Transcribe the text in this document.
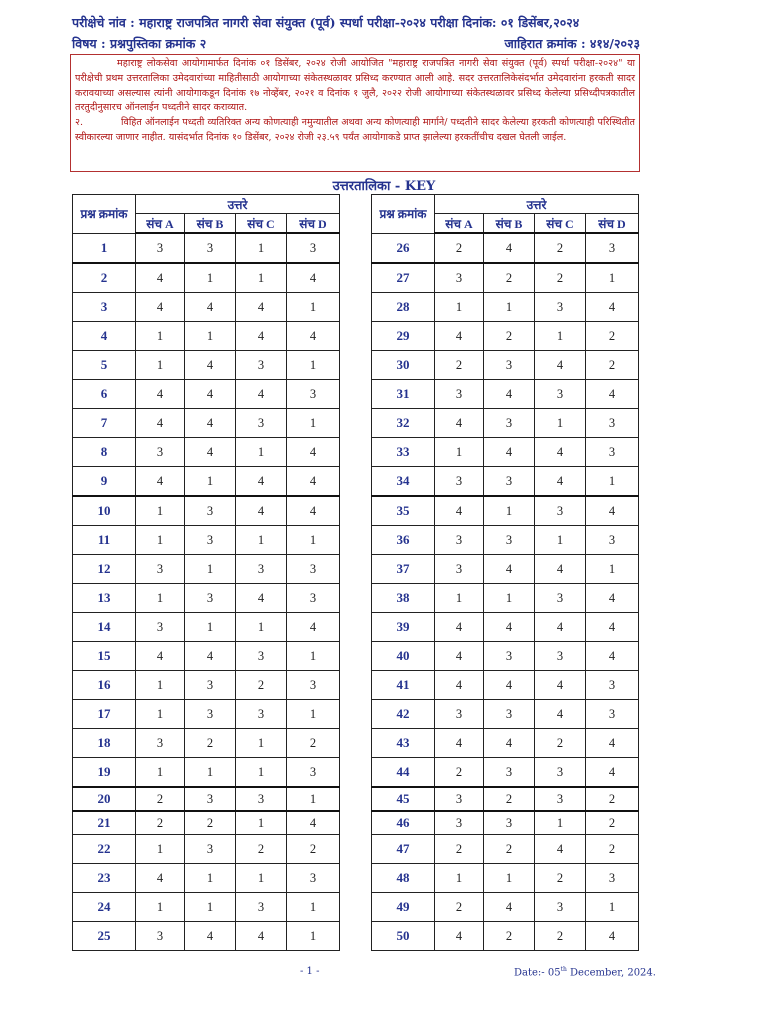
परीक्षेचे नांव : महाराष्ट्र राजपत्रित नागरी सेवा संयुक्त (पूर्व) स्पर्धा परीक्षा-२०२४ परीक्षा दिनांक: ०१ डिसेंबर,२०२४
विषय : प्रश्नपुस्तिका क्रमांक २	जाहिरात क्रमांक : ४१४/२०२३

महाराष्ट्र लोकसेवा आयोगामार्फत दिनांक ०१ डिसेंबर, २०२४ रोजी आयोजित "महाराष्ट्र राजपत्रित नागरी सेवा संयुक्त (पूर्व) स्पर्धा परीक्षा-२०२४" या परीक्षेची प्रथम उत्तरतालिका उमेदवारांच्या माहितीसाठी आयोगाच्या संकेतस्थळावर प्रसिध्द करण्यात आली आहे. सदर उत्तरतालिकेसंदर्भात उमेदवारांना हरकती सादर करावयाच्या असल्यास त्यांनी आयोगाकडून दिनांक १७ नोव्हेंबर, २०२१ व दिनांक १ जुलै, २०२२ रोजी आयोगाच्या संकेतस्थळावर प्रसिध्द केलेल्या प्रसिध्दीपत्रकातील तरतुदीनुसारच ऑनलाईन पध्दतीने सादर कराव्यात.

२.	विहित ऑनलाईन पध्दती व्यतिरिक्त अन्य कोणत्याही नमुन्यातील अथवा अन्य कोणत्याही मार्गाने/ पध्दतीने सादर केलेल्या हरकती कोणत्याही परिस्थितीत स्वीकारल्या जाणार नाहीत. यासंदर्भात दिनांक १० डिसेंबर, २०२४ रोजी २३.५९ पर्यंत आयोगाकडे प्राप्त झालेल्या हरकतींचीच दखल घेतली जाईल.

उत्तरतालिका - KEY
प्रश्न क्रमांक	उत्तरे			
	संच A	संच B	संच C	संच D
1	3	3	1	3
2	4	1	1	4
3	4	4	4	1
4	1	1	4	4
5	1	4	3	1
6	4	4	4	3
7	4	4	3	1
8	3	4	1	4
9	4	1	4	4
10	1	3	4	4
11	1	3	1	1
12	3	1	3	3
13	1	3	4	3
14	3	1	1	4
15	4	4	3	1
16	1	3	2	3
17	1	3	3	1
18	3	2	1	2
19	1	1	1	3
20	2	3	3	1
21	2	2	1	4
22	1	3	2	2
23	4	1	1	3
24	1	1	3	1
25	3	4	4	1
प्रश्न क्रमांक	उत्तरे			
	संच A	संच B	संच C	संच D
26	2	4	2	3
27	3	2	2	1
28	1	1	3	4
29	4	2	1	2
30	2	3	4	2
31	3	4	3	4
32	4	3	1	3
33	1	4	4	3
34	3	3	4	1
35	4	1	3	4
36	3	3	1	3
37	3	4	4	1
38	1	1	3	4
39	4	4	4	4
40	4	3	3	4
41	4	4	4	3
42	3	3	4	3
43	4	4	2	4
44	2	3	3	4
45	3	2	3	2
46	3	3	1	2
47	2	2	4	2
48	1	1	2	3
49	2	4	3	1
50	4	2	2	4
- 1 -	Date:- 05th December, 2024.
